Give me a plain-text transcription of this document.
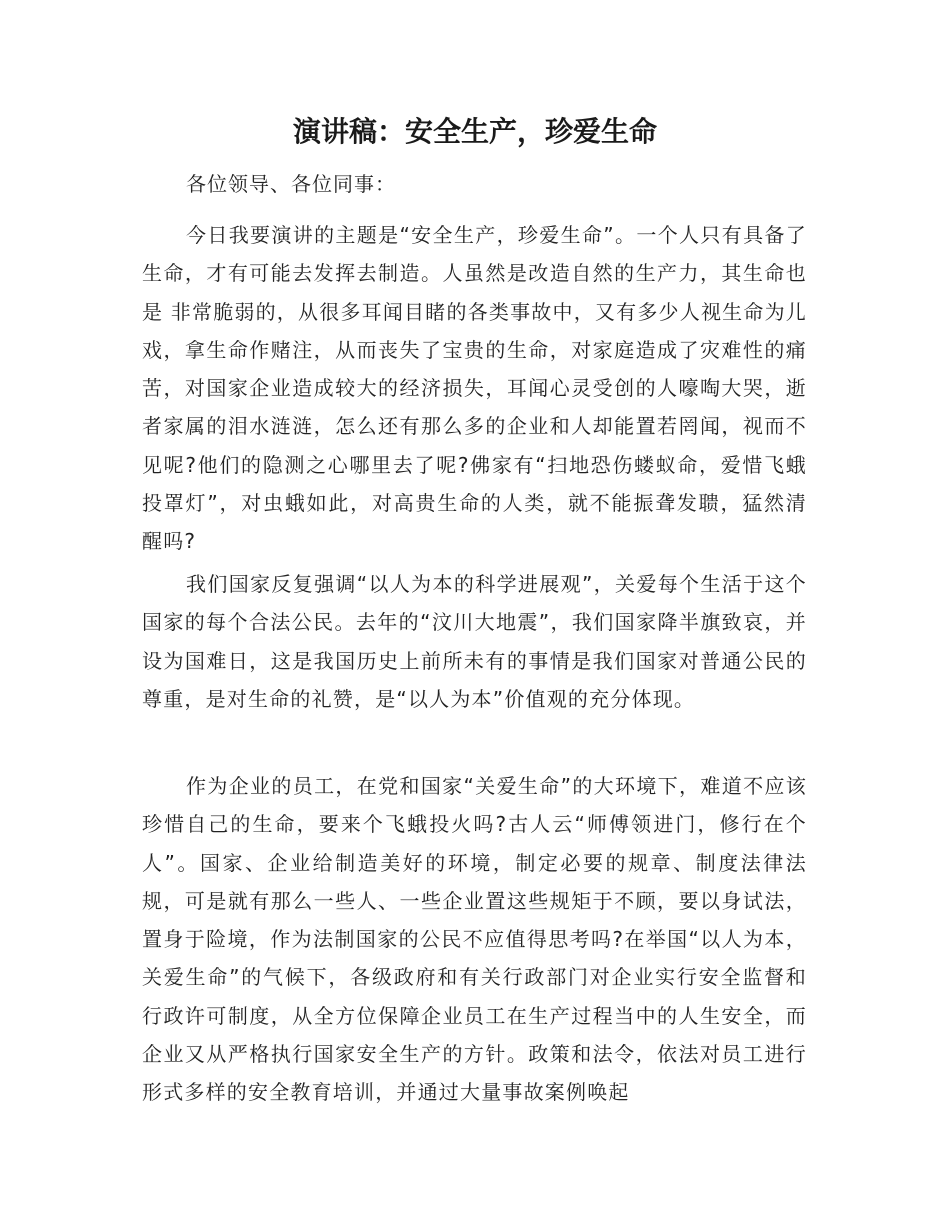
演讲稿：安全生产，珍爱生命

各位领导、各位同事：

今日我要演讲的主题是“安全生产，珍爱生命”。一个人只有具备了生命，才有可能去发挥去制造。人虽然是改造自然的生产力，其生命也是 非常脆弱的，从很多耳闻目睹的各类事故中，又有多少人视生命为儿戏，拿生命作赌注，从而丧失了宝贵的生命，对家庭造成了灾难性的痛苦，对国家企业造成较大的经济损失，耳闻心灵受创的人嚎啕大哭，逝者家属的泪水涟涟，怎么还有那么多的企业和人却能置若罔闻，视而不见呢?他们的隐测之心哪里去了呢?佛家有“扫地恐伤蝼蚁命，爱惜飞蛾投罩灯”，对虫蛾如此，对高贵生命的人类，就不能振聋发聩，猛然清醒吗?

我们国家反复强调“以人为本的科学进展观”，关爱每个生活于这个国家的每个合法公民。去年的“汶川大地震”，我们国家降半旗致哀，并设为国难日，这是我国历史上前所未有的事情是我们国家对普通公民的尊重，是对生命的礼赞，是“以人为本”价值观的充分体现。

作为企业的员工，在党和国家“关爱生命”的大环境下，难道不应该珍惜自己的生命，要来个飞蛾投火吗?古人云“师傅领进门，修行在个人”。国家、企业给制造美好的环境，制定必要的规章、制度法律法规，可是就有那么一些人、一些企业置这些规矩于不顾，要以身试法，置身于险境，作为法制国家的公民不应值得思考吗?在举国“以人为本，关爱生命”的气候下，各级政府和有关行政部门对企业实行安全监督和行政许可制度，从全方位保障企业员工在生产过程当中的人生安全，而企业又从严格执行国家安全生产的方针。政策和法令，依法对员工进行形式多样的安全教育培训，并通过大量事故案例唤起
